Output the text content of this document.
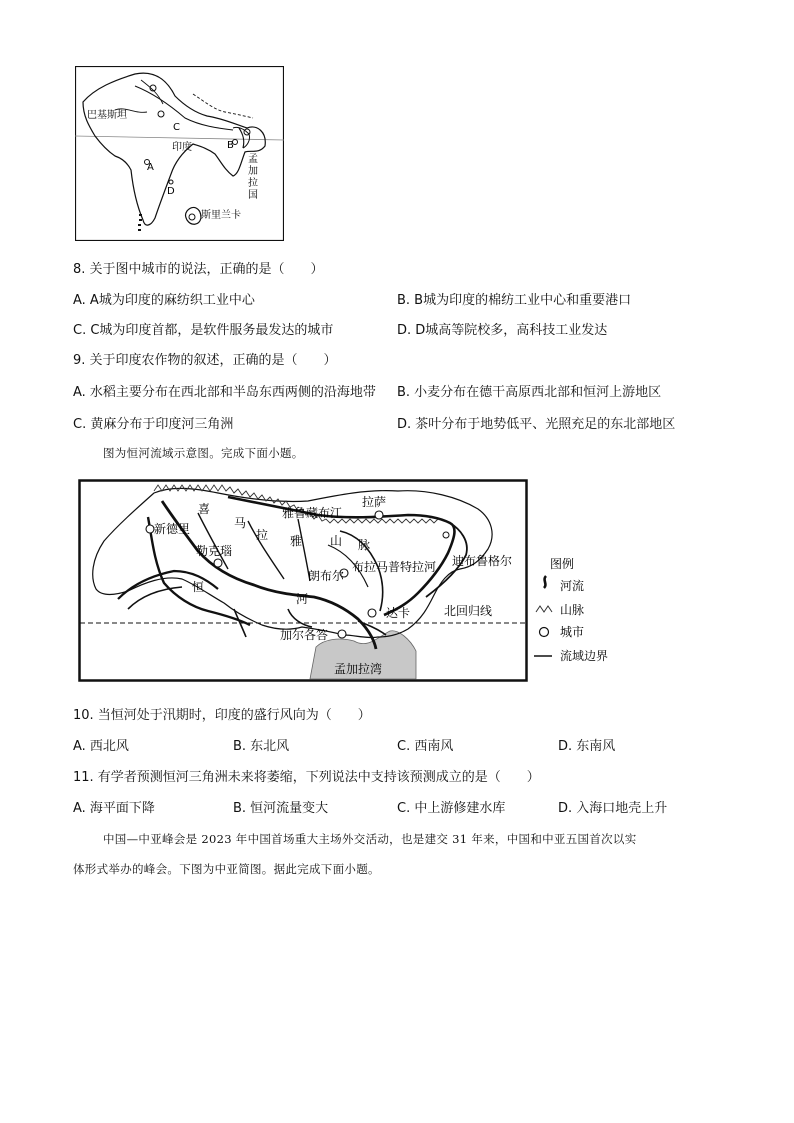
巴基斯坦
印度	B
C
A
D
孟
加
拉
国
斯里兰卡
8. 关于图中城市的说法，正确的是（　　）
A. A城为印度的麻纺织工业中心	B. B城为印度的棉纺工业中心和重要港口
C. C城为印度首都，是软件服务最发达的城市	D. D城高等院校多，高科技工业发达
9. 关于印度农作物的叙述，正确的是（　　）
A. 水稻主要分布在西北部和半岛东西两侧的沿海地带 B. 小麦分布在德干高原西北部和恒河上游地区
C. 黄麻分布于印度河三角洲	D. 茶叶分布于地势低平、光照充足的东北部地区
图为恒河流域示意图。完成下面小题。
拉萨
雅鲁藏布江
新德里
喜
马
拉 雅 山 脉
勒克瑙
恒
河
布拉马普特拉河 迪布鲁格尔
朗布尔
达卡	北回归线
加尔各答
孟加拉湾
图例
河流
山脉
城市
流域边界
10. 当恒河处于汛期时，印度的盛行风向为（　　）
A. 西北风	B. 东北风	C. 西南风	D. 东南风
11. 有学者预测恒河三角洲未来将萎缩，下列说法中支持该预测成立的是（　　）
A. 海平面下降	B. 恒河流量变大	C. 中上游修建水库	D. 入海口地壳上升
中国—中亚峰会是 2023 年中国首场重大主场外交活动，也是建交 31 年来，中国和中亚五国首次以实
体形式举办的峰会。下图为中亚简图。据此完成下面小题。
